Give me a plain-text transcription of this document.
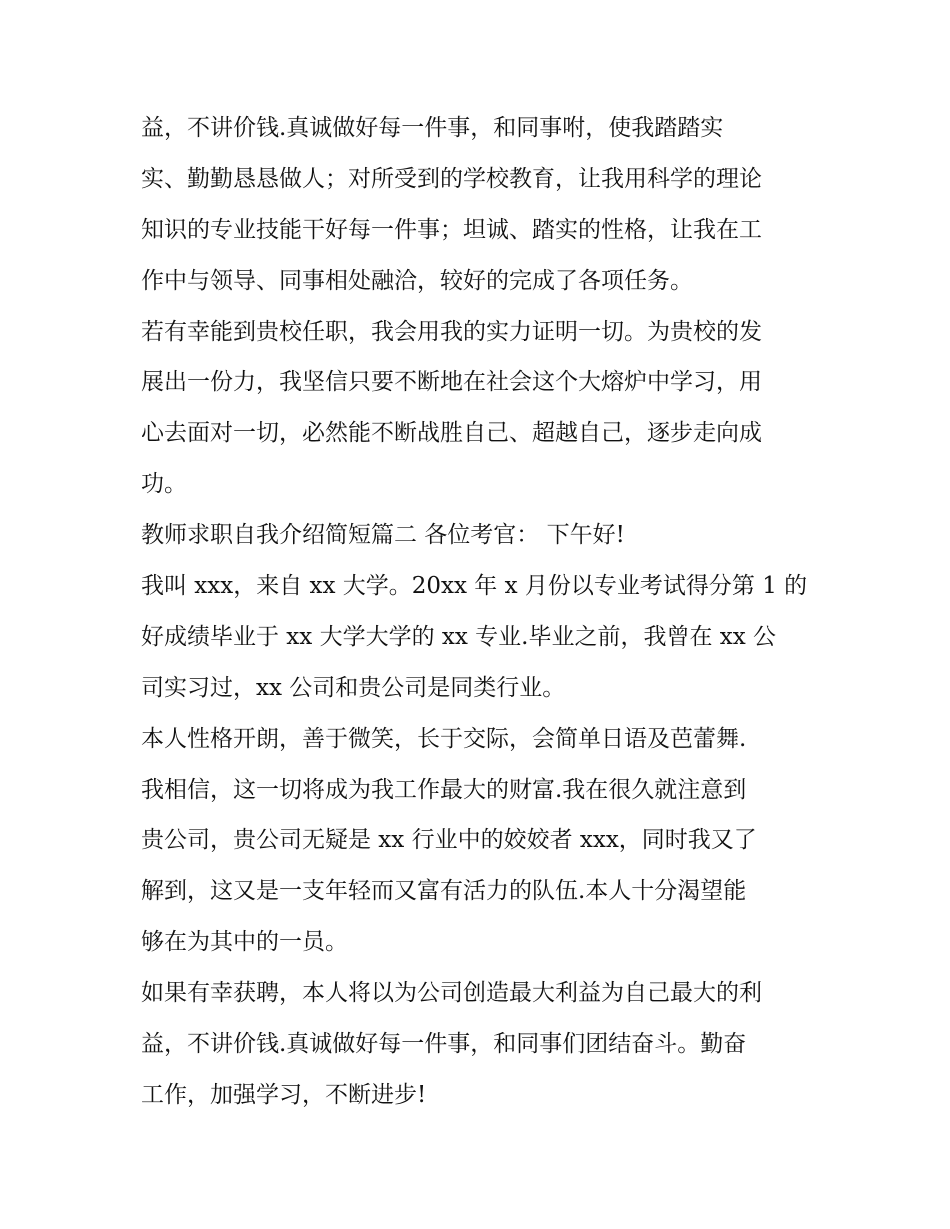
益，不讲价钱.真诚做好每一件事，和同事咐，使我踏踏实
实、勤勤恳恳做人；对所受到的学校教育，让我用科学的理论
知识的专业技能干好每一件事；坦诚、踏实的性格，让我在工
作中与领导、同事相处融洽，较好的完成了各项任务。
若有幸能到贵校任职，我会用我的实力证明一切。为贵校的发
展出一份力，我坚信只要不断地在社会这个大熔炉中学习，用
心去面对一切，必然能不断战胜自己、超越自己，逐步走向成
功。
教师求职自我介绍简短篇二 各位考官： 下午好!
我叫 xxx，来自 xx 大学。20xx 年 x 月份以专业考试得分第 1 的
好成绩毕业于 xx 大学大学的 xx 专业.毕业之前，我曾在 xx 公
司实习过，xx 公司和贵公司是同类行业。
本人性格开朗，善于微笑，长于交际，会简单日语及芭蕾舞.
我相信，这一切将成为我工作最大的财富.我在很久就注意到
贵公司，贵公司无疑是 xx 行业中的姣姣者 xxx，同时我又了
解到，这又是一支年轻而又富有活力的队伍.本人十分渴望能
够在为其中的一员。
如果有幸获聘，本人将以为公司创造最大利益为自己最大的利
益，不讲价钱.真诚做好每一件事，和同事们团结奋斗。勤奋
工作，加强学习，不断进步!
